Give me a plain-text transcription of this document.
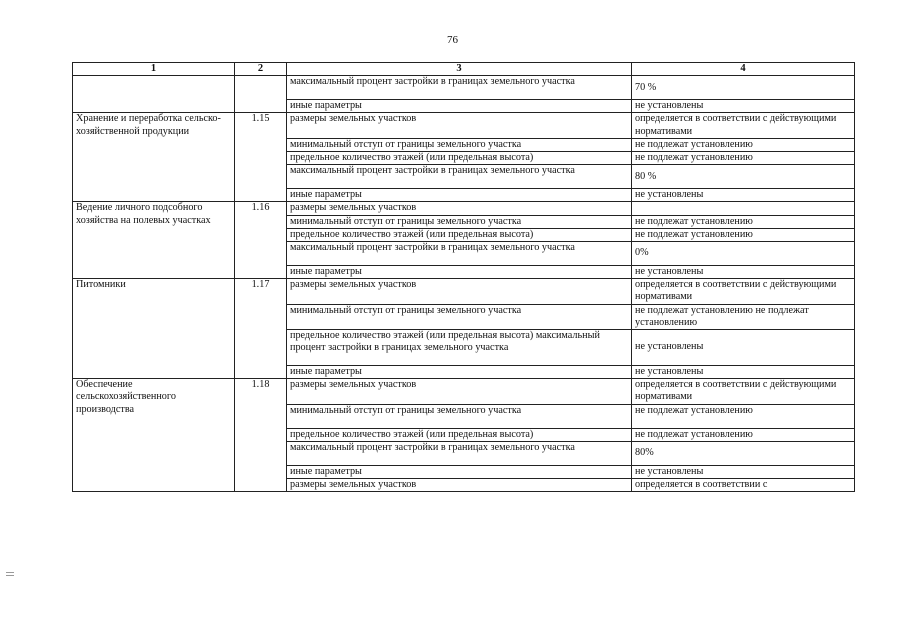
76
1	2	3	4
		максимальный процент застройки в границах земельного участка	70 %
		иные параметры	не установлены
Хранение и переработка сельско-хозяйственной продукции	1.15	размеры земельных участков	определяется в соответствии с действующими нормативами
		минимальный отступ от границы земельного участка	не подлежат установлению
		предельное количество этажей (или предельная высота)	не подлежат установлению
		максимальный процент застройки в границах земельного участка	80 %
		иные параметры	не установлены
Ведение личного подсобного хозяйства на полевых участках	1.16	размеры земельных участков	
		минимальный отступ от границы земельного участка	не подлежат установлению
		предельное количество этажей (или предельная высота)	не подлежат установлению
		максимальный процент застройки в границах земельного участка	0%
		иные параметры	не установлены
Питомники	1.17	размеры земельных участков	определяется в соответствии с действующими нормативами
		минимальный отступ от границы земельного участка	не подлежат установлению не подлежат установлению
		предельное количество этажей (или предельная высота) максимальный процент застройки в границах земельного участка	не установлены
		иные параметры	не установлены
Обеспечение сельскохозяйственного производства	1.18	размеры земельных участков	определяется в соответствии с действующими нормативами
		минимальный отступ от границы земельного участка	не подлежат установлению
		предельное количество этажей (или предельная высота)	не подлежат установлению
		максимальный процент застройки в границах земельного участка	80%
		иные параметры	не установлены
		размеры земельных участков	определяется в соответствии с
